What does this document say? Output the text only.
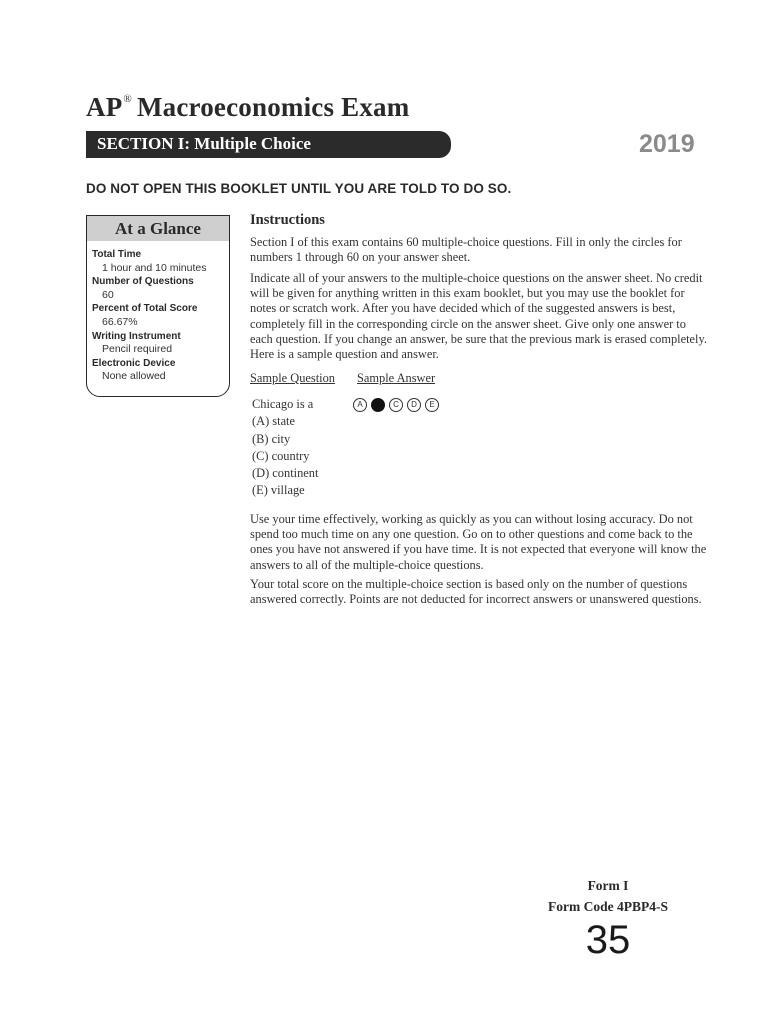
AP® Macroeconomics Exam
SECTION I: Multiple Choice	2019
DO NOT OPEN THIS BOOKLET UNTIL YOU ARE TOLD TO DO SO.
At a Glance
Total Time
1 hour and 10 minutes
Number of Questions
60
Percent of Total Score
66.67%
Writing Instrument
Pencil required
Electronic Device
None allowed
Instructions
Section I of this exam contains 60 multiple-choice questions. Fill in only the circles for numbers 1 through 60 on your answer sheet.
Indicate all of your answers to the multiple-choice questions on the answer sheet. No credit will be given for anything written in this exam booklet, but you may use the booklet for notes or scratch work. After you have decided which of the suggested answers is best, completely fill in the corresponding circle on the answer sheet. Give only one answer to each question. If you change an answer, be sure that the previous mark is erased completely. Here is a sample question and answer.
Sample Question Sample Answer
Chicago is a
(A) state
(B) city
(C) country
(D) continent
(E) village
A	B	C	D	E
Use your time effectively, working as quickly as you can without losing accuracy. Do not spend too much time on any one question. Go on to other questions and come back to the ones you have not answered if you have time. It is not expected that everyone will know the answers to all of the multiple-choice questions.
Your total score on the multiple-choice section is based only on the number of questions answered correctly. Points are not deducted for incorrect answers or unanswered questions.
Form I
Form Code 4PBP4-S
35
